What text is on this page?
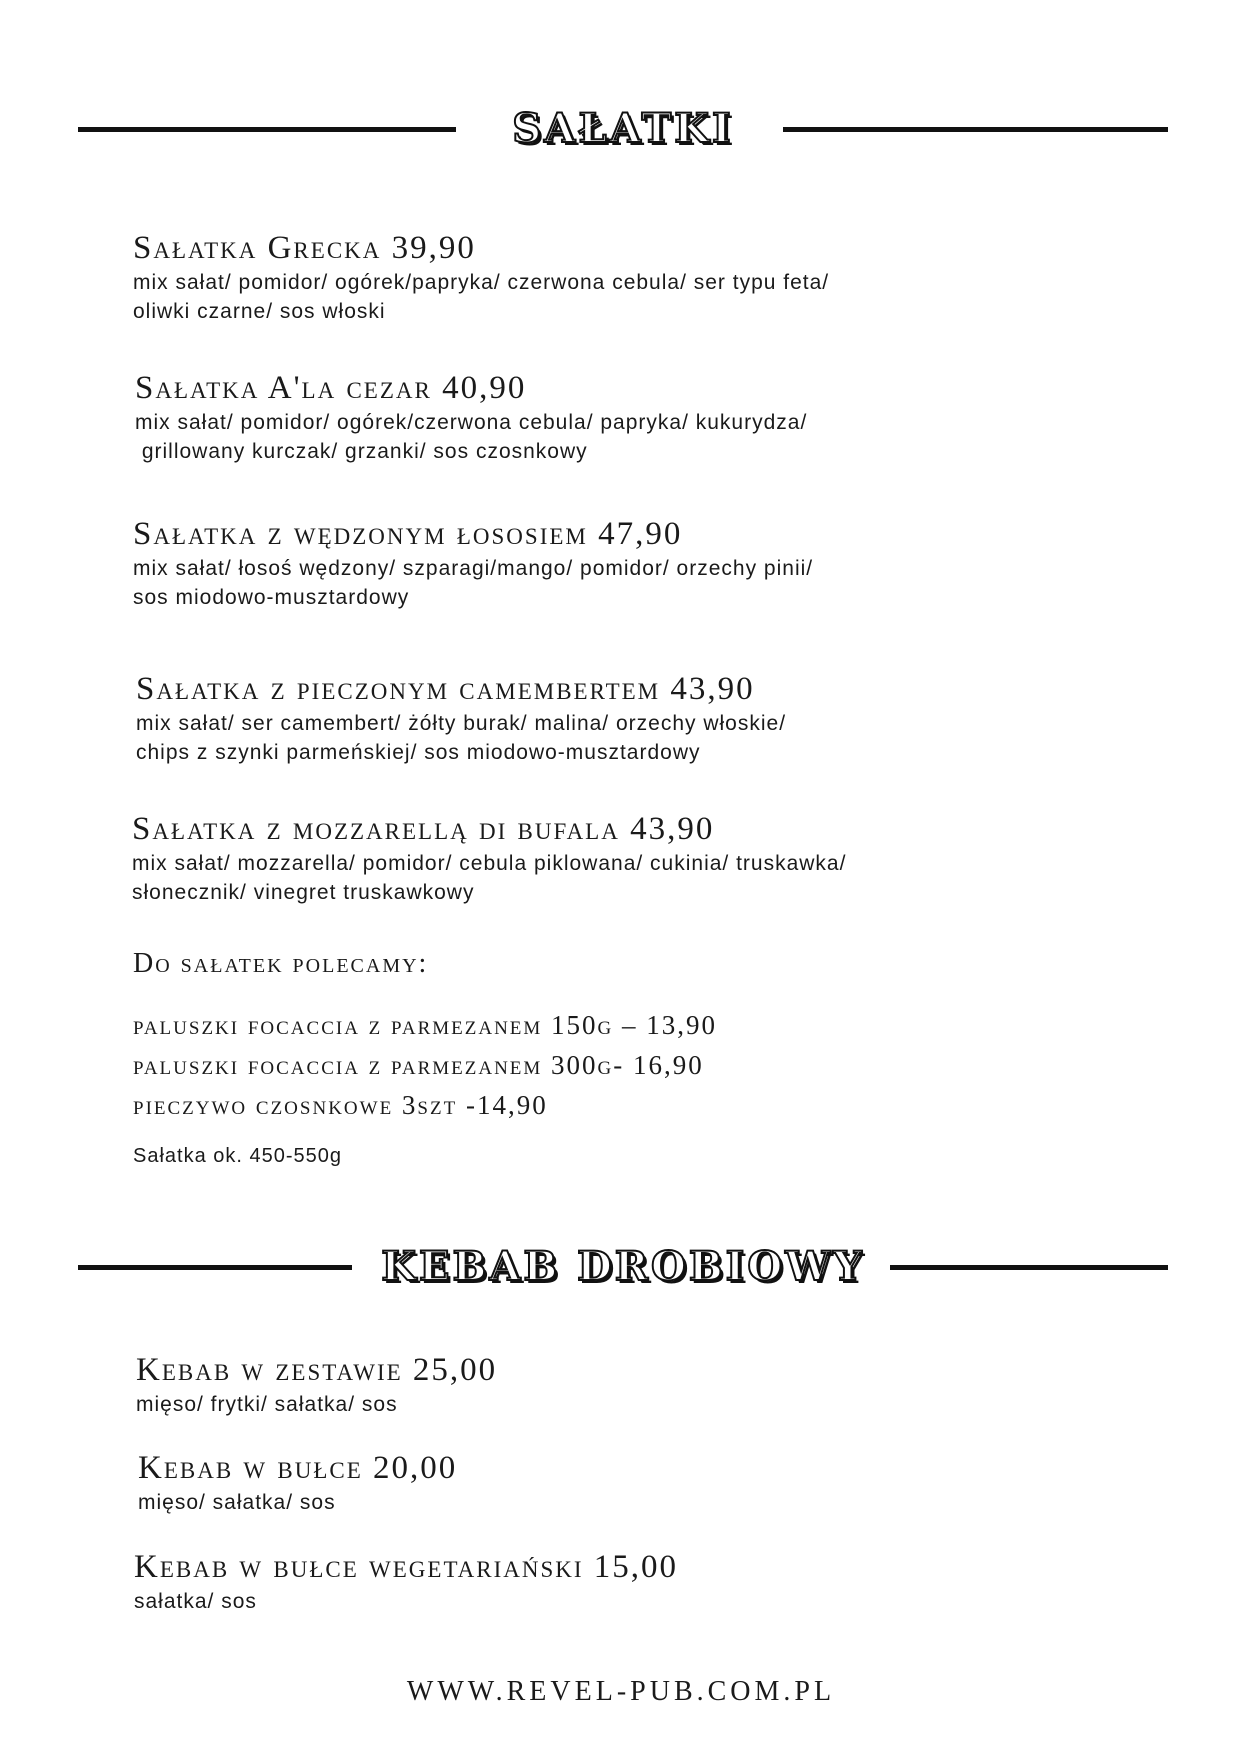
SAŁATKI
Sałatka Grecka 39,90
mix sałat/ pomidor/ ogórek/papryka/ czerwona cebula/ ser typu feta/
oliwki czarne/ sos włoski
Sałatka A'la cezar 40,90
mix sałat/ pomidor/ ogórek/czerwona cebula/ papryka/ kukurydza/
grillowany kurczak/ grzanki/ sos czosnkowy
Sałatka z wędzonym łososiem 47,90
mix sałat/ łosoś wędzony/ szparagi/mango/ pomidor/ orzechy pinii/
sos miodowo-musztardowy
Sałatka z pieczonym camembertem 43,90
mix sałat/ ser camembert/ żółty burak/ malina/ orzechy włoskie/
chips z szynki parmeńskiej/ sos miodowo-musztardowy
Sałatka z mozzarellą di bufala 43,90
mix sałat/ mozzarella/ pomidor/ cebula piklowana/ cukinia/ truskawka/
słonecznik/ vinegret truskawkowy
Do sałatek polecamy:
paluszki focaccia z parmezanem 150g – 13,90
paluszki focaccia z parmezanem 300g- 16,90
pieczywo czosnkowe 3szt -14,90
Sałatka ok. 450-550g
KEBAB DROBIOWY
Kebab w zestawie 25,00
mięso/ frytki/ sałatka/ sos
Kebab w bułce 20,00
mięso/ sałatka/ sos
Kebab w bułce wegetariański 15,00
sałatka/ sos
WWW.REVEL-PUB.COM.PL
